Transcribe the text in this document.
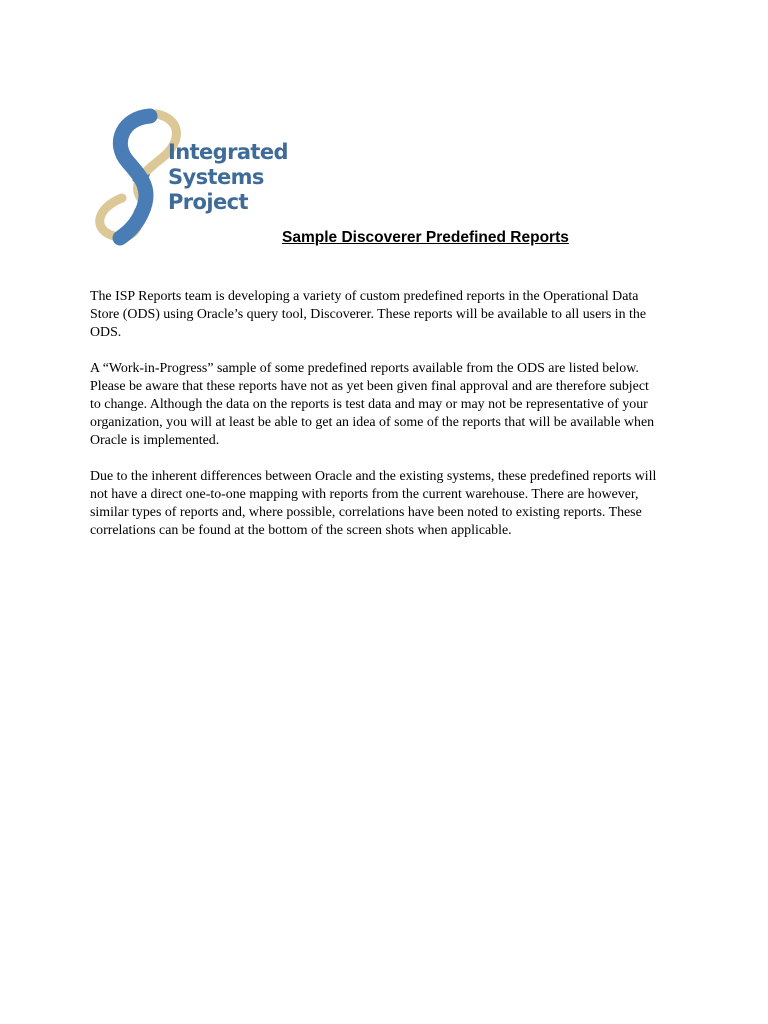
Integrated
Systems
Project
Sample Discoverer Predefined Reports

The ISP Reports team is developing a variety of custom predefined reports in the Operational Data Store (ODS) using Oracle’s query tool, Discoverer. These reports will be available to all users in the ODS.

A “Work-in-Progress” sample of some predefined reports available from the ODS are listed below. Please be aware that these reports have not as yet been given final approval and are therefore subject to change. Although the data on the reports is test data and may or may not be representative of your organization, you will at least be able to get an idea of some of the reports that will be available when Oracle is implemented.

Due to the inherent differences between Oracle and the existing systems, these predefined reports will not have a direct one-to-one mapping with reports from the current warehouse. There are however, similar types of reports and, where possible, correlations have been noted to existing reports. These correlations can be found at the bottom of the screen shots when applicable.
